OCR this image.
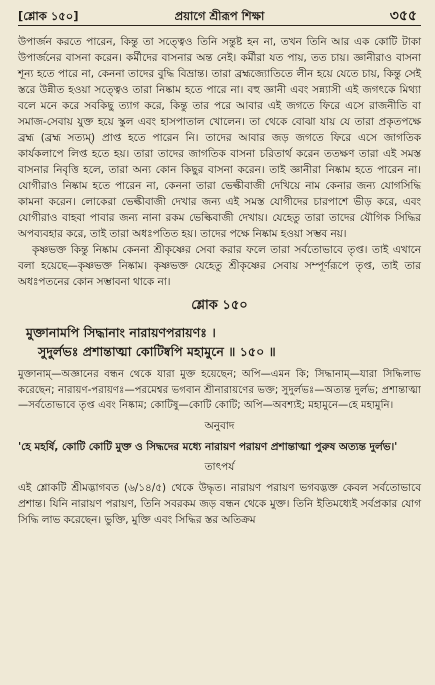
[শ্লোক ১৫০]	প্রয়াগে শ্রীরূপ শিক্ষা	৩৫৫

উপার্জন করতে পারেন, কিন্তু তা সত্ত্বেও তিনি সন্তুষ্ট হন না, তখন তিনি আর এক কোটি টাকা উপার্জনের বাসনা করেন। কর্মীদের বাসনার অন্ত নেই। কর্মীরা যত পায়, তত চায়। জ্ঞানীরাও বাসনা শূন্য হতে পারে না, কেননা তাদের বুদ্ধি বিভ্রান্ত। তারা ব্রহ্মজ্যোতিতে লীন হয়ে যেতে চায়, কিন্তু সেই স্তরে উন্নীত হওয়া সত্ত্বেও তারা নিষ্কাম হতে পারে না। বহু জ্ঞানী এবং সন্ন্যাসী এই জগৎকে মিথ্যা বলে মনে করে সবকিছু ত্যাগ করে, কিন্তু তার পরে আবার এই জগতে ফিরে এসে রাজনীতি বা সমাজ-সেবায় যুক্ত হয়ে স্কুল এবং হাসপাতাল খোলেন। তা থেকে বোঝা যায় যে তারা প্রকৃতপক্ষে ব্রহ্ম (ব্রহ্ম সত্যম্) প্রাপ্ত হতে পারেন নি। তাদের আবার জড় জগতে ফিরে এসে জাগতিক কার্যকলাপে লিপ্ত হতে হয়। তারা তাদের জাগতিক বাসনা চরিতার্থ করেন ততক্ষণ তারা এই সমস্ত বাসনার নিবৃত্তি হলে, তারা অন্য কোন কিছুর বাসনা করেন। তাই জ্ঞানীরা নিষ্কাম হতে পারেন না। যোগীরাও নিষ্কাম হতে পারেন না, কেননা তারা ভেল্কীবাজী দেখিয়ে নাম কেনার জন্য যোগসিদ্ধি কামনা করেন। লোকেরা ভেল্কীবাজী দেখার জন্য এই সমস্ত যোগীদের চারপাশে ভীড় করে, এবং যোগীরাও বাহবা পাবার জন্য নানা রকম ভেল্কিবাজী দেখায়। যেহেতু তারা তাদের যৌগিক সিদ্ধির অপব্যবহার করে, তাই তারা অধঃপতিত হয়। তাদের পক্ষে নিষ্কাম হওয়া সম্ভব নয়।

কৃষ্ণভক্ত কিন্তু নিষ্কাম কেননা শ্রীকৃষ্ণের সেবা করার ফলে তারা সর্বতোভাবে তৃপ্ত। তাই এখানে বলা হয়েছে—কৃষ্ণভক্ত নিষ্কাম। কৃষ্ণভক্ত যেহেতু শ্রীকৃষ্ণের সেবায় সম্পূর্ণরূপে তৃপ্ত, তাই তার অধঃপতনের কোন সম্ভাবনা থাকে না।

শ্লোক ১৫০
মুক্তানামপি সিদ্ধানাং নারায়ণপরায়ণঃ ।
সুদুর্লভঃ প্রশান্তাত্মা কোটিষ্বপি মহামুনে ॥ ১৫০ ॥
মুক্তানাম্—অজ্ঞানের বন্ধন থেকে যারা মুক্ত হয়েছেন; অপি—এমন কি; সিদ্ধানাম্—যারা সিদ্ধিলাভ করেছেন; নারায়ণ-পরায়ণঃ—পরমেশ্বর ভগবান শ্রীনারায়ণের ভক্ত; সুদুর্লভঃ—অত্যন্ত দুর্লভ; প্রশান্তাত্মা—সর্বতোভাবে তৃপ্ত এবং নিষ্কাম; কোটিষু—কোটি কোটি; অপি—অবশ্যই; মহামুনে—হে মহামুনি।
অনুবাদ
'হে মহর্ষি, কোটি কোটি মুক্ত ও সিদ্ধদের মধ্যে নারায়ণ পরায়ণ প্রশান্তাত্মা পুরুষ অত্যন্ত দুর্লভ।'
তাৎপর্য
এই শ্লোকটি শ্রীমদ্ভাগবত (৬/১৪/৫) থেকে উদ্ধৃত। নারায়ণ পরায়ণ ভগবদ্ভক্ত কেবল সর্বতোভাবে প্রশান্ত। যিনি নারায়ণ পরায়ণ, তিনি সবরকম জড় বন্ধন থেকে মুক্ত। তিনি ইতিমধ্যেই সর্বপ্রকার যোগ সিদ্ধি লাভ করেছেন। ভুক্তি, মুক্তি এবং সিদ্ধির স্তর অতিক্রম
